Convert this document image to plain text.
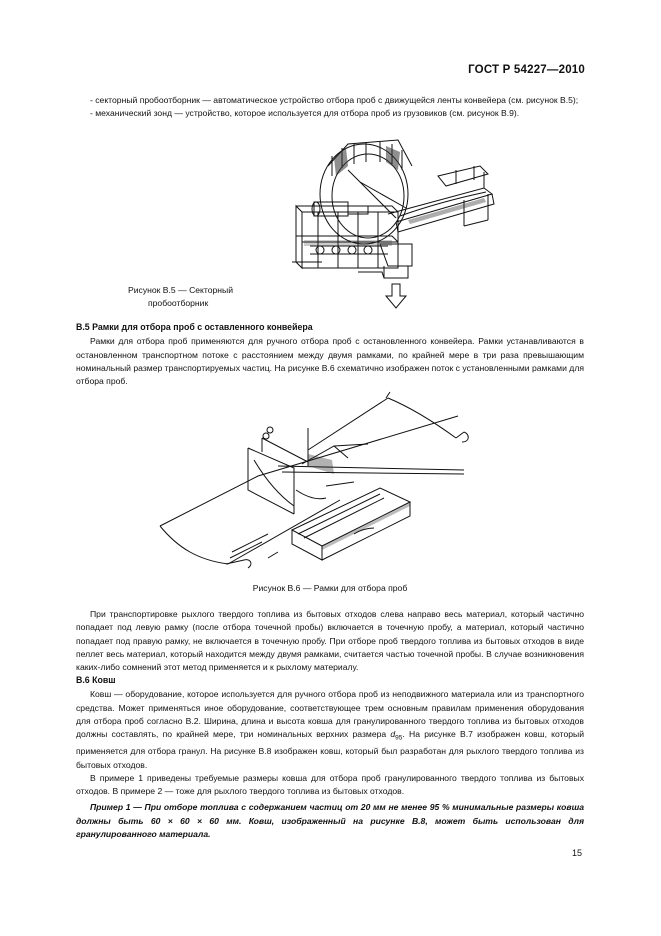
ГОСТ Р 54227—2010

- секторный пробоотборник — автоматическое устройство отбора проб с движущейся ленты конвейера (см. рисунок В.5);

- механический зонд — устройство, которое используется для отбора проб из грузовиков (см. рисунок В.9).

Рисунок В.5 — Секторный
пробоотборник

В.5 Рамки для отбора проб с оставленного конвейера

Рамки для отбора проб применяются для ручного отбора проб с остановленного конвейера. Рамки устанавливаются в остановленном транспортном потоке с расстоянием между двумя рамками, по крайней мере в три раза превышающим номинальный размер транспортируемых частиц. На рисунке В.6 схематично изображен поток с установленными рамками для отбора проб.

Рисунок В.6 — Рамки для отбора проб

При транспортировке рыхлого твердого топлива из бытовых отходов слева направо весь материал, который частично попадает под левую рамку (после отбора точечной пробы) включается в точечную пробу, а материал, который частично попадает под правую рамку, не включается в точечную пробу. При отборе проб твердого топлива из бытовых отходов в виде пеллет весь материал, который находится между двумя рамками, считается частью точечной пробы. В случае возникновения каких-либо сомнений этот метод применяется и к рыхлому материалу.

В.6 Ковш

Ковш — оборудование, которое используется для ручного отбора проб из неподвижного материала или из транспортного средства. Может применяться иное оборудование, соответствующее трем основным правилам применения оборудования для отбора проб согласно В.2. Ширина, длина и высота ковша для гранулированного твердого топлива из бытовых отходов должны составлять, по крайней мере, три номинальных верхних размера $d_{95}$. На рисунке В.7 изображен ковш, который применяется для отбора гранул. На рисунке В.8 изображен ковш, который был разработан для рыхлого твердого топлива из бытовых отходов.

В примере 1 приведены требуемые размеры ковша для отбора проб гранулированного твердого топлива из бытовых отходов. В примере 2 — тоже для рыхлого твердого топлива из бытовых отходов.

Пример 1 — При отборе топлива с содержанием частиц от 20 мм не менее 95 % минимальные размеры ковша должны быть 60 × 60 × 60 мм. Ковш, изображенный на рисунке В.8, может быть использован для гранулированного материала.

15
